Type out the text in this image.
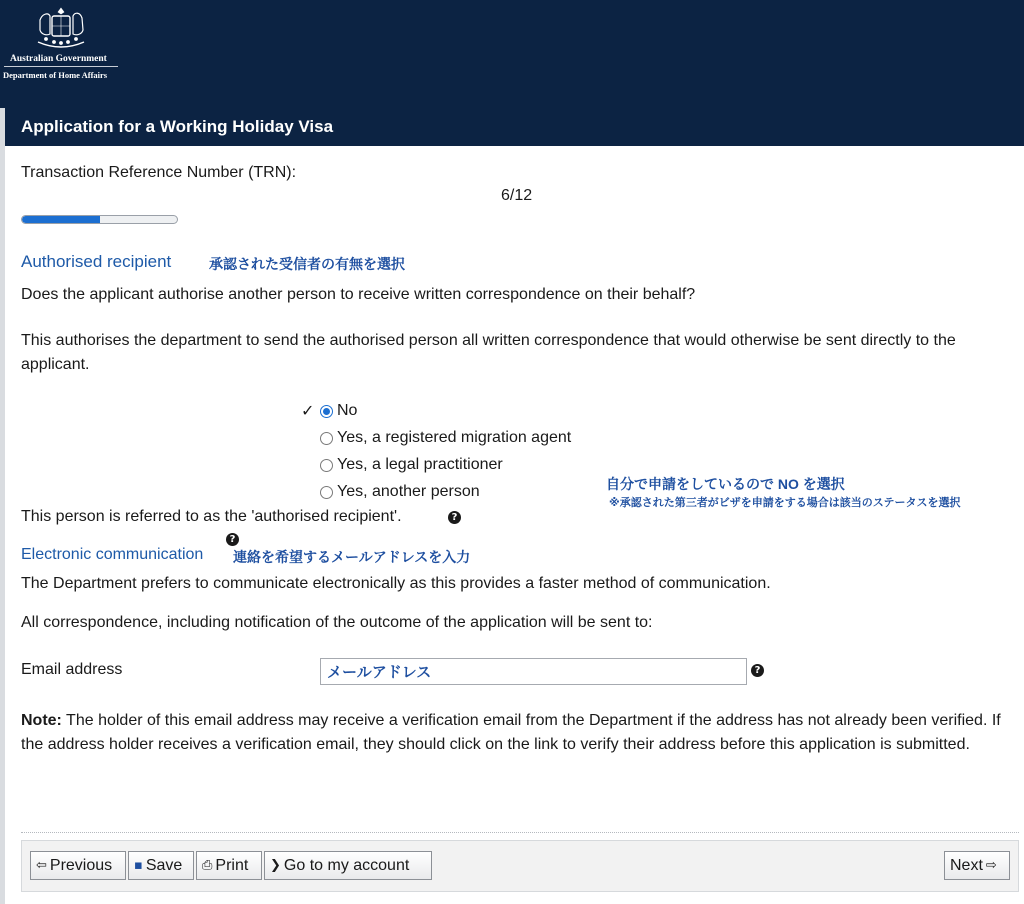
Australian Government
Department of Home Affairs
Application for a Working Holiday Visa
Transaction Reference Number (TRN):
6/12
Authorised recipient	承認された受信者の有無を選択
Does the applicant authorise another person to receive written correspondence on their behalf?
This authorises the department to send the authorised person all written correspondence that would otherwise be sent directly to the applicant.
✓ No
Yes, a registered migration agent
Yes, a legal practitioner
Yes, another person	自分で申請をしているので NO を選択
※承認された第三者がビザを申請をする場合は該当のステータスを選択
This person is referred to as the 'authorised recipient'.	?
?
Electronic communication 連絡を希望するメールアドレスを入力
The Department prefers to communicate electronically as this provides a faster method of communication.
All correspondence, including notification of the outcome of the application will be sent to:
Email address
メールアドレス	?
Note: The holder of this email address may receive a verification email from the Department if the address has not already been verified. If the address holder receives a verification email, they should click on the link to verify their address before this application is submitted.
⇦ Previous ▪ Save ⎙ Print ❯ Go to my account	Next ⇨
